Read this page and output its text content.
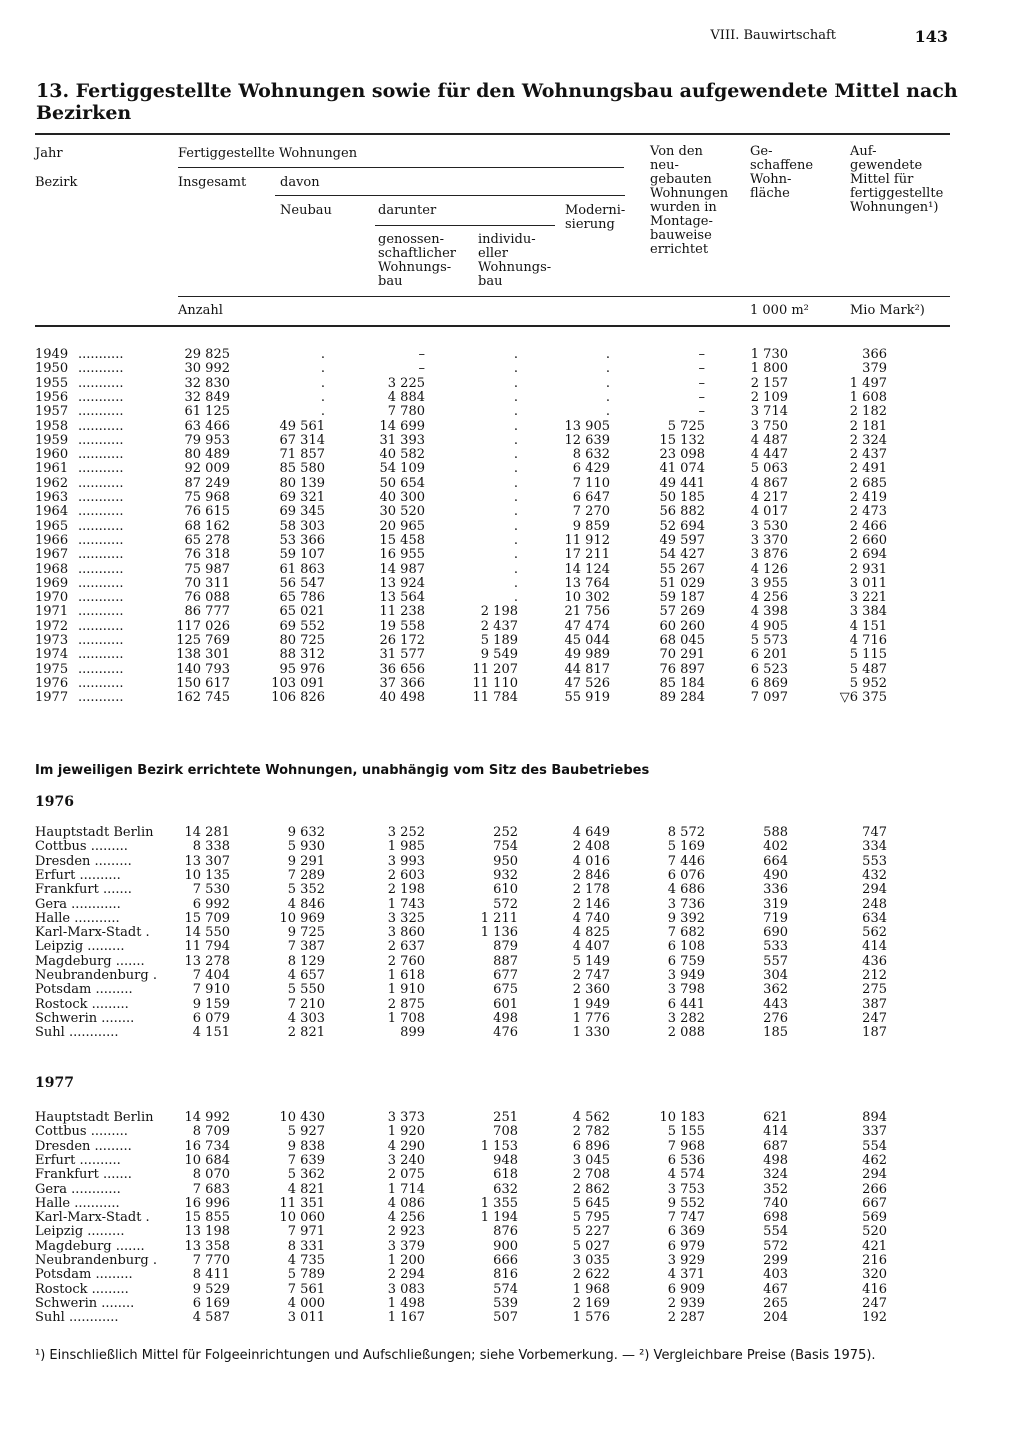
VIII. Bauwirtschaft	143
13. Fertiggestellte Wohnungen sowie für den Wohnungsbau aufgewendete Mittel nach Bezirken
Jahr
Bezirk
Fertiggestellte Wohnungen
Insgesamt	davon
Neubau	darunter
genossen-
schaftlicher
Wohnungs-
bau
individu-
eller
Wohnungs-
bau
Moderni-
sierung
Von den
neu-
gebauten
Wohnungen
wurden in
Montage-
bauweise
errichtet
Ge-
schaffene
Wohn-
fläche
Auf-
gewendete
Mittel für
fertiggestellte
Wohnungen¹)
Anzahl	1 000 m²	Mio Mark²)
1949 ...........	29 825	.	–	.	.	–	1 730	366
1950 ...........	30 992	.	–	.	.	–	1 800	379
1955 ...........	32 830	.	3 225	.	.	–	2 157	1 497
1956 ...........	32 849	.	4 884	.	.	–	2 109	1 608
1957 ...........	61 125	.	7 780	.	.	–	3 714	2 182
1958 ...........	63 466	49 561	14 699	.	13 905	5 725	3 750	2 181
1959 ...........	79 953	67 314	31 393	.	12 639	15 132	4 487	2 324
1960 ...........	80 489	71 857	40 582	.	8 632	23 098	4 447	2 437
1961 ...........	92 009	85 580	54 109	.	6 429	41 074	5 063	2 491
1962 ...........	87 249	80 139	50 654	.	7 110	49 441	4 867	2 685
1963 ...........	75 968	69 321	40 300	.	6 647	50 185	4 217	2 419
1964 ...........	76 615	69 345	30 520	.	7 270	56 882	4 017	2 473
1965 ...........	68 162	58 303	20 965	.	9 859	52 694	3 530	2 466
1966 ...........	65 278	53 366	15 458	.	11 912	49 597	3 370	2 660
1967 ...........	76 318	59 107	16 955	.	17 211	54 427	3 876	2 694
1968 ...........	75 987	61 863	14 987	.	14 124	55 267	4 126	2 931
1969 ...........	70 311	56 547	13 924	.	13 764	51 029	3 955	3 011
1970 ...........	76 088	65 786	13 564	.	10 302	59 187	4 256	3 221
1971 ...........	86 777	65 021	11 238	2 198	21 756	57 269	4 398	3 384
1972 ...........	117 026	69 552	19 558	2 437	47 474	60 260	4 905	4 151
1973 ...........	125 769	80 725	26 172	5 189	45 044	68 045	5 573	4 716
1974 ...........	138 301	88 312	31 577	9 549	49 989	70 291	6 201	5 115
1975 ...........	140 793	95 976	36 656	11 207	44 817	76 897	6 523	5 487
1976 ...........	150 617	103 091	37 366	11 110	47 526	85 184	6 869	5 952
1977 ...........	162 745	106 826	40 498	11 784	55 919	89 284	7 097	▽6 375
Im jeweiligen Bezirk errichtete Wohnungen, unabhängig vom Sitz des Baubetriebes
1976
Hauptstadt Berlin	14 281	9 632	3 252	252	4 649	8 572	588	747
Cottbus .........	8 338	5 930	1 985	754	2 408	5 169	402	334
Dresden .........	13 307	9 291	3 993	950	4 016	7 446	664	553
Erfurt ..........	10 135	7 289	2 603	932	2 846	6 076	490	432
Frankfurt .......	7 530	5 352	2 198	610	2 178	4 686	336	294
Gera ............	6 992	4 846	1 743	572	2 146	3 736	319	248
Halle ...........	15 709	10 969	3 325	1 211	4 740	9 392	719	634
Karl-Marx-Stadt .	14 550	9 725	3 860	1 136	4 825	7 682	690	562
Leipzig .........	11 794	7 387	2 637	879	4 407	6 108	533	414
Magdeburg .......	13 278	8 129	2 760	887	5 149	6 759	557	436
Neubrandenburg .	7 404	4 657	1 618	677	2 747	3 949	304	212
Potsdam .........	7 910	5 550	1 910	675	2 360	3 798	362	275
Rostock .........	9 159	7 210	2 875	601	1 949	6 441	443	387
Schwerin ........	6 079	4 303	1 708	498	1 776	3 282	276	247
Suhl ............	4 151	2 821	899	476	1 330	2 088	185	187
1977
Hauptstadt Berlin	14 992	10 430	3 373	251	4 562	10 183	621	894
Cottbus .........	8 709	5 927	1 920	708	2 782	5 155	414	337
Dresden .........	16 734	9 838	4 290	1 153	6 896	7 968	687	554
Erfurt ..........	10 684	7 639	3 240	948	3 045	6 536	498	462
Frankfurt .......	8 070	5 362	2 075	618	2 708	4 574	324	294
Gera ............	7 683	4 821	1 714	632	2 862	3 753	352	266
Halle ...........	16 996	11 351	4 086	1 355	5 645	9 552	740	667
Karl-Marx-Stadt .	15 855	10 060	4 256	1 194	5 795	7 747	698	569
Leipzig .........	13 198	7 971	2 923	876	5 227	6 369	554	520
Magdeburg .......	13 358	8 331	3 379	900	5 027	6 979	572	421
Neubrandenburg .	7 770	4 735	1 200	666	3 035	3 929	299	216
Potsdam .........	8 411	5 789	2 294	816	2 622	4 371	403	320
Rostock .........	9 529	7 561	3 083	574	1 968	6 909	467	416
Schwerin ........	6 169	4 000	1 498	539	2 169	2 939	265	247
Suhl ............	4 587	3 011	1 167	507	1 576	2 287	204	192
¹) Einschließlich Mittel für Folgeeinrichtungen und Aufschließungen; siehe Vorbemerkung. — ²) Vergleichbare Preise (Basis 1975).
